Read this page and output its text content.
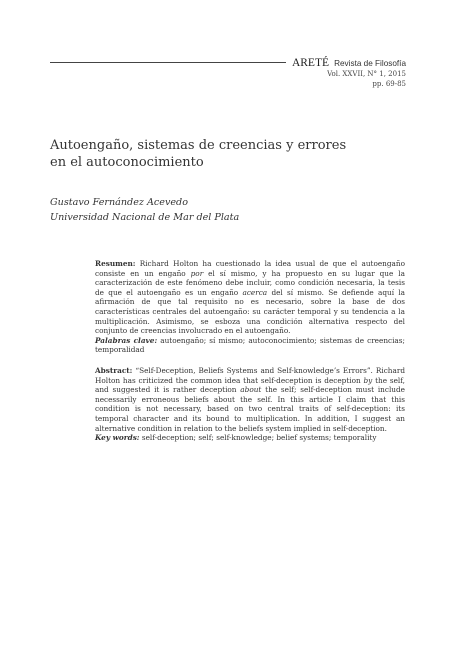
ARETÉ Revista de Filosofía
Vol. XXVII, N° 1, 2015
pp. 69-85
Autoengaño, sistemas de creencias y errores
en el autoconocimiento
Gustavo Fernández Acevedo
Universidad Nacional de Mar del Plata

Resumen: Richard Holton ha cuestionado la idea usual de que el autoengaño consiste en un engaño por el sí mismo, y ha propuesto en su lugar que la caracterización de este fenómeno debe incluir, como condición necesaria, la tesis de que el autoengaño es un engaño acerca del sí mismo. Se defiende aquí la afirmación de que tal requisito no es necesario, sobre la base de dos características centrales del autoengaño: su carácter temporal y su tendencia a la multiplicación. Asimismo, se esboza una condición alternativa respecto del conjunto de creencias involucrado en el autoengaño.

Palabras clave: autoengaño; sí mismo; autoconocimiento; sistemas de creencias; temporalidad

Abstract: “Self-Deception, Beliefs Systems and Self-knowledge’s Errors”. Richard Holton has criticized the common idea that self-deception is deception by the self, and suggested it is rather deception about the self; self-deception must include necessarily erroneous beliefs about the self. In this article I claim that this condition is not necessary, based on two central traits of self-deception: its temporal character and its bound to multiplication. In addition, I suggest an alternative condition in relation to the beliefs system implied in self-deception.

Key words: self-deception; self; self-knowledge; belief systems; temporality
